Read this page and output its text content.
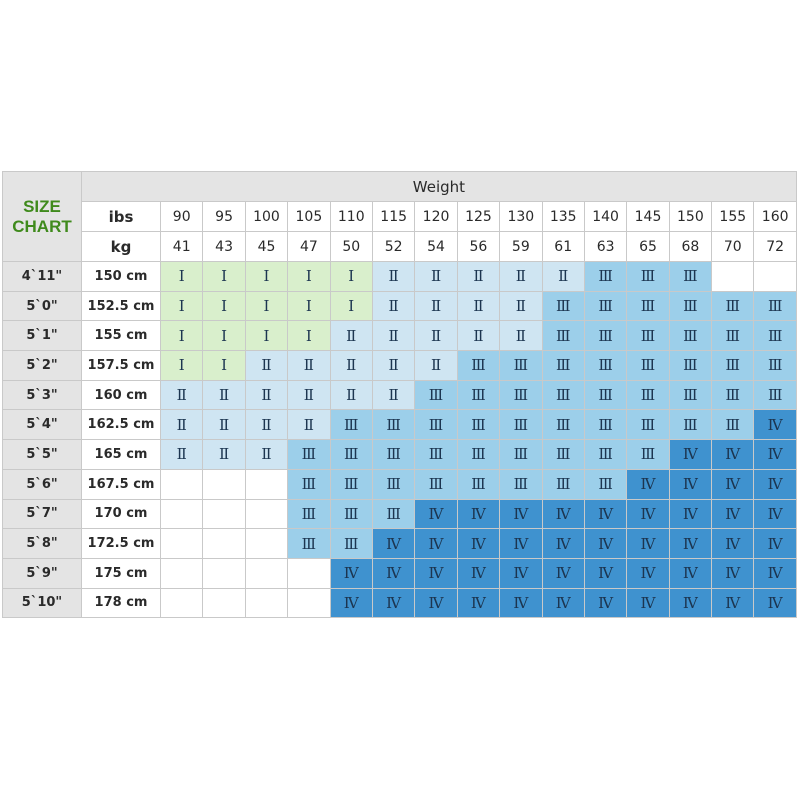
SIZE
CHART	Weight															
	ibs	90	95	100	105	110	115	120	125	130	135	140	145	150	155	160
	kg	41	43	45	47	50	52	54	56	59	61	63	65	68	70	72
4`11"	150 cm	Ⅰ	Ⅰ	Ⅰ	Ⅰ	Ⅰ	Ⅱ	Ⅱ	Ⅱ	Ⅱ	Ⅱ	Ⅲ	Ⅲ	Ⅲ		
5`0"	152.5 cm	Ⅰ	Ⅰ	Ⅰ	Ⅰ	Ⅰ	Ⅱ	Ⅱ	Ⅱ	Ⅱ	Ⅲ	Ⅲ	Ⅲ	Ⅲ	Ⅲ	Ⅲ
5`1"	155 cm	Ⅰ	Ⅰ	Ⅰ	Ⅰ	Ⅱ	Ⅱ	Ⅱ	Ⅱ	Ⅱ	Ⅲ	Ⅲ	Ⅲ	Ⅲ	Ⅲ	Ⅲ
5`2"	157.5 cm	Ⅰ	Ⅰ	Ⅱ	Ⅱ	Ⅱ	Ⅱ	Ⅱ	Ⅲ	Ⅲ	Ⅲ	Ⅲ	Ⅲ	Ⅲ	Ⅲ	Ⅲ
5`3"	160 cm	Ⅱ	Ⅱ	Ⅱ	Ⅱ	Ⅱ	Ⅱ	Ⅲ	Ⅲ	Ⅲ	Ⅲ	Ⅲ	Ⅲ	Ⅲ	Ⅲ	Ⅲ
5`4"	162.5 cm	Ⅱ	Ⅱ	Ⅱ	Ⅱ	Ⅲ	Ⅲ	Ⅲ	Ⅲ	Ⅲ	Ⅲ	Ⅲ	Ⅲ	Ⅲ	Ⅲ	Ⅳ
5`5"	165 cm	Ⅱ	Ⅱ	Ⅱ	Ⅲ	Ⅲ	Ⅲ	Ⅲ	Ⅲ	Ⅲ	Ⅲ	Ⅲ	Ⅲ	Ⅳ	Ⅳ	Ⅳ
5`6"	167.5 cm				Ⅲ	Ⅲ	Ⅲ	Ⅲ	Ⅲ	Ⅲ	Ⅲ	Ⅲ	Ⅳ	Ⅳ	Ⅳ	Ⅳ
5`7"	170 cm				Ⅲ	Ⅲ	Ⅲ	Ⅳ	Ⅳ	Ⅳ	Ⅳ	Ⅳ	Ⅳ	Ⅳ	Ⅳ	Ⅳ
5`8"	172.5 cm				Ⅲ	Ⅲ	Ⅳ	Ⅳ	Ⅳ	Ⅳ	Ⅳ	Ⅳ	Ⅳ	Ⅳ	Ⅳ	Ⅳ
5`9"	175 cm					Ⅳ	Ⅳ	Ⅳ	Ⅳ	Ⅳ	Ⅳ	Ⅳ	Ⅳ	Ⅳ	Ⅳ	Ⅳ
5`10"	178 cm					Ⅳ	Ⅳ	Ⅳ	Ⅳ	Ⅳ	Ⅳ	Ⅳ	Ⅳ	Ⅳ	Ⅳ	Ⅳ
